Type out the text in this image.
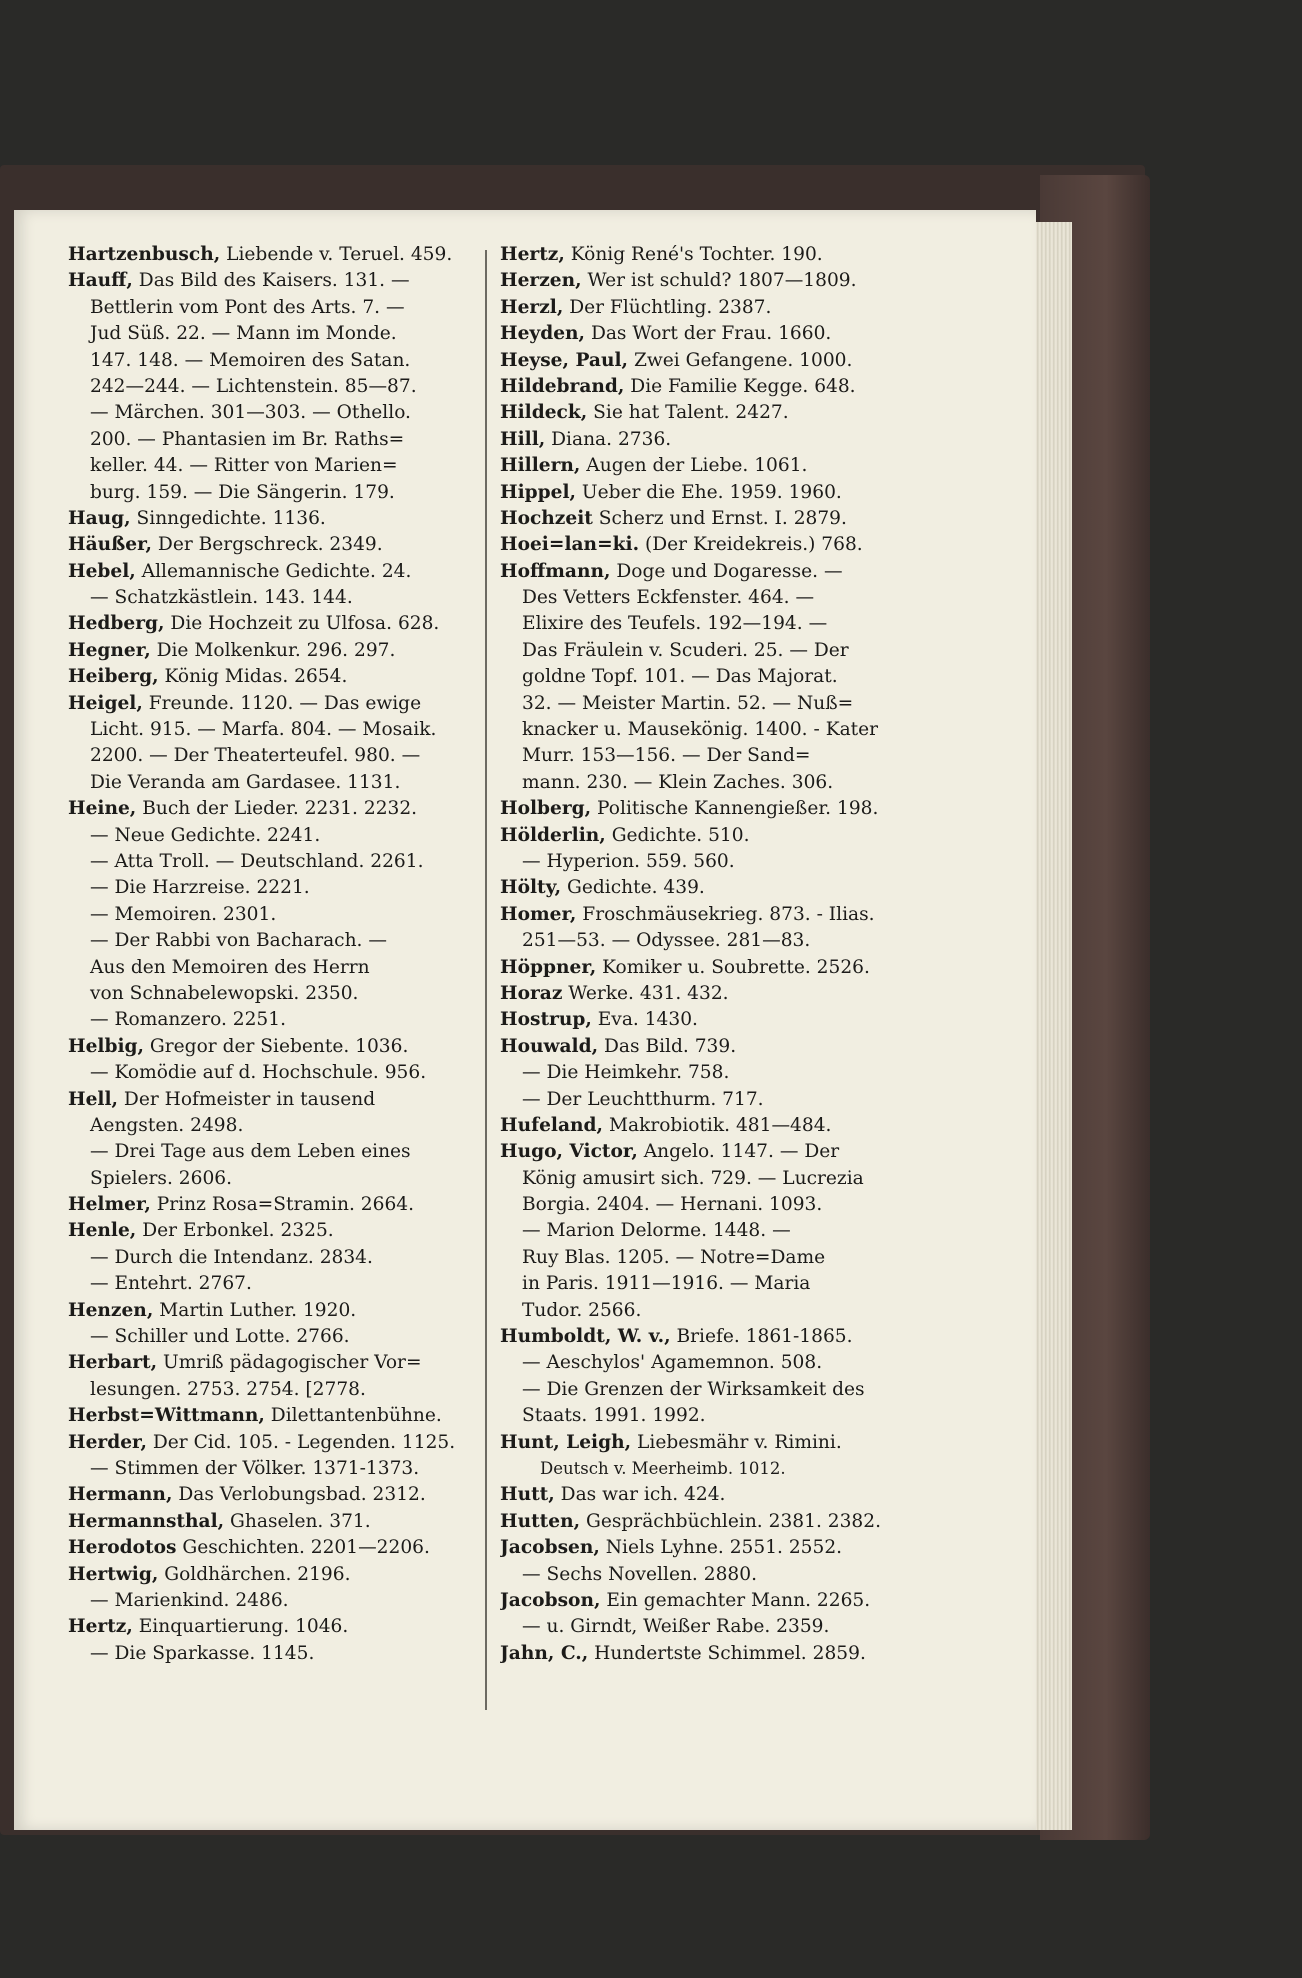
Hartzenbusch, Liebende v. Teruel. 459.
Hauff, Das Bild des Kaisers. 131. —
Bettlerin vom Pont des Arts. 7. —
Jud Süß. 22. — Mann im Monde.
147. 148. — Memoiren des Satan.
242—244. — Lichtenstein. 85—87.
— Märchen. 301—303. — Othello.
200. — Phantasien im Br. Raths=
keller. 44. — Ritter von Marien=
burg. 159. — Die Sängerin. 179.
Haug, Sinngedichte. 1136.
Häußer, Der Bergschreck. 2349.
Hebel, Allemannische Gedichte. 24.
— Schatzkästlein. 143. 144.
Hedberg, Die Hochzeit zu Ulfosa. 628.
Hegner, Die Molkenkur. 296. 297.
Heiberg, König Midas. 2654.
Heigel, Freunde. 1120. — Das ewige
Licht. 915. — Marfa. 804. — Mosaik.
2200. — Der Theaterteufel. 980. —
Die Veranda am Gardasee. 1131.
Heine, Buch der Lieder. 2231. 2232.
— Neue Gedichte. 2241.
— Atta Troll. — Deutschland. 2261.
— Die Harzreise. 2221.
— Memoiren. 2301.
— Der Rabbi von Bacharach. —
Aus den Memoiren des Herrn
von Schnabelewopski. 2350.
— Romanzero. 2251.
Helbig, Gregor der Siebente. 1036.
— Komödie auf d. Hochschule. 956.
Hell, Der Hofmeister in tausend
Aengsten. 2498.
— Drei Tage aus dem Leben eines
Spielers. 2606.
Helmer, Prinz Rosa=Stramin. 2664.
Henle, Der Erbonkel. 2325.
— Durch die Intendanz. 2834.
— Entehrt. 2767.
Henzen, Martin Luther. 1920.
— Schiller und Lotte. 2766.
Herbart, Umriß pädagogischer Vor=
lesungen. 2753. 2754. [2778.
Herbst=Wittmann, Dilettantenbühne.
Herder, Der Cid. 105. - Legenden. 1125.
— Stimmen der Völker. 1371-1373.
Hermann, Das Verlobungsbad. 2312.
Hermannsthal, Ghaselen. 371.
Herodotos Geschichten. 2201—2206.
Hertwig, Goldhärchen. 2196.
— Marienkind. 2486.
Hertz, Einquartierung. 1046.
— Die Sparkasse. 1145.
Hertz, König René's Tochter. 190.
Herzen, Wer ist schuld? 1807—1809.
Herzl, Der Flüchtling. 2387.
Heyden, Das Wort der Frau. 1660.
Heyse, Paul, Zwei Gefangene. 1000.
Hildebrand, Die Familie Kegge. 648.
Hildeck, Sie hat Talent. 2427.
Hill, Diana. 2736.
Hillern, Augen der Liebe. 1061.
Hippel, Ueber die Ehe. 1959. 1960.
Hochzeit Scherz und Ernst. I. 2879.
Hoei=lan=ki. (Der Kreidekreis.) 768.
Hoffmann, Doge und Dogaresse. —
Des Vetters Eckfenster. 464. —
Elixire des Teufels. 192—194. —
Das Fräulein v. Scuderi. 25. — Der
goldne Topf. 101. — Das Majorat.
32. — Meister Martin. 52. — Nuß=
knacker u. Mausekönig. 1400. - Kater
Murr. 153—156. — Der Sand=
mann. 230. — Klein Zaches. 306.
Holberg, Politische Kannengießer. 198.
Hölderlin, Gedichte. 510.
— Hyperion. 559. 560.
Hölty, Gedichte. 439.
Homer, Froschmäusekrieg. 873. - Ilias.
251—53. — Odyssee. 281—83.
Höppner, Komiker u. Soubrette. 2526.
Horaz Werke. 431. 432.
Hostrup, Eva. 1430.
Houwald, Das Bild. 739.
— Die Heimkehr. 758.
— Der Leuchtthurm. 717.
Hufeland, Makrobiotik. 481—484.
Hugo, Victor, Angelo. 1147. — Der
König amusirt sich. 729. — Lucrezia
Borgia. 2404. — Hernani. 1093.
— Marion Delorme. 1448. —
Ruy Blas. 1205. — Notre=Dame
in Paris. 1911—1916. — Maria
Tudor. 2566.
Humboldt, W. v., Briefe. 1861-1865.
— Aeschylos' Agamemnon. 508.
— Die Grenzen der Wirksamkeit des
Staats. 1991. 1992.
Hunt, Leigh, Liebesmähr v. Rimini.
Deutsch v. Meerheimb. 1012.
Hutt, Das war ich. 424.
Hutten, Gesprächbüchlein. 2381. 2382.
Jacobsen, Niels Lyhne. 2551. 2552.
— Sechs Novellen. 2880.
Jacobson, Ein gemachter Mann. 2265.
— u. Girndt, Weißer Rabe. 2359.
Jahn, C., Hundertste Schimmel. 2859.
